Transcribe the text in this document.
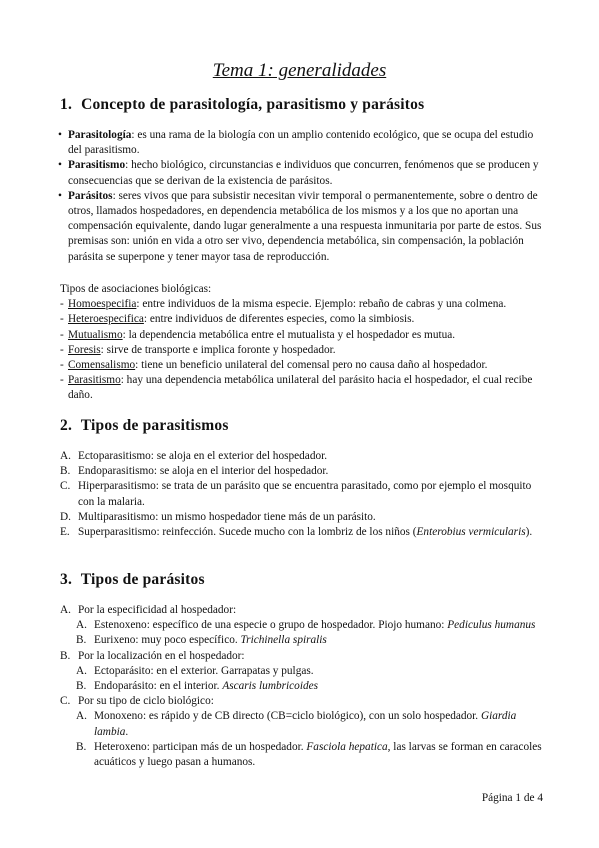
Tema 1: generalidades
1. Concepto de parasitología, parasitismo y parásitos
• Parasitología: es una rama de la biología con un amplio contenido ecológico, que se ocupa del estudio del parasitismo.
• Parasitismo: hecho biológico, circunstancias e individuos que concurren, fenómenos que se producen y consecuencias que se derivan de la existencia de parásitos.
• Parásitos: seres vivos que para subsistir necesitan vivir temporal o permanentemente, sobre o dentro de otros, llamados hospedadores, en dependencia metabólica de los mismos y a los que no aportan una compensación equivalente, dando lugar generalmente a una respuesta inmunitaria por parte de estos. Sus premisas son: unión en vida a otro ser vivo, dependencia metabólica, sin compensación, la población parásita se superpone y tener mayor tasa de reproducción.
Tipos de asociaciones biológicas:
- Homoespecifia: entre individuos de la misma especie. Ejemplo: rebaño de cabras y una colmena.
- Heteroespecifica: entre individuos de diferentes especies, como la simbiosis.
- Mutualismo: la dependencia metabólica entre el mutualista y el hospedador es mutua.
- Foresis: sirve de transporte e implica foronte y hospedador.
- Comensalismo: tiene un beneficio unilateral del comensal pero no causa daño al hospedador.
- Parasitismo: hay una dependencia metabólica unilateral del parásito hacia el hospedador, el cual recibe daño.
2. Tipos de parasitismos
A. Ectoparasitismo: se aloja en el exterior del hospedador.
B. Endoparasitismo: se aloja en el interior del hospedador.
C. Hiperparasitismo: se trata de un parásito que se encuentra parasitado, como por ejemplo el mosquito con la malaria.
D. Multiparasitismo: un mismo hospedador tiene más de un parásito.
E. Superparasitismo: reinfección. Sucede mucho con la lombriz de los niños (Enterobius vermicularis).
3. Tipos de parásitos
A. Por la especificidad al hospedador:
A. Estenoxeno: específico de una especie o grupo de hospedador. Piojo humano: Pediculus humanus
B. Eurixeno: muy poco específico. Trichinella spiralis
B. Por la localización en el hospedador:
A. Ectoparásito: en el exterior. Garrapatas y pulgas.
B. Endoparásito: en el interior. Ascaris lumbricoides
C. Por su tipo de ciclo biológico:
A. Monoxeno: es rápido y de CB directo (CB=ciclo biológico), con un solo hospedador. Giardia lambia.
B. Heteroxeno: participan más de un hospedador. Fasciola hepatica, las larvas se forman en caracoles acuáticos y luego pasan a humanos.
Página 1 de 4
